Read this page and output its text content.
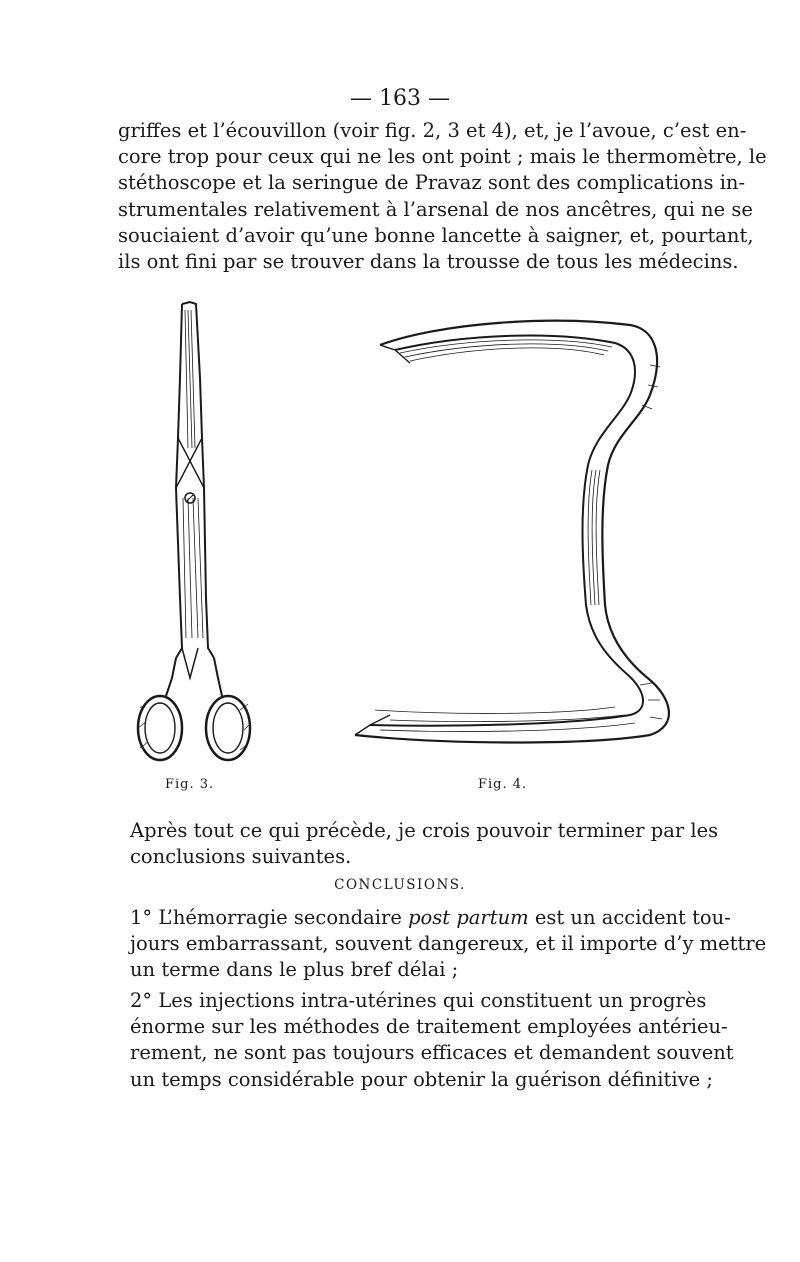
— 163 —
griffes et l’écouvillon (voir fig. 2, 3 et 4), et, je l’avoue, c’est en-
core trop pour ceux qui ne les ont point ; mais le thermomètre, le
stéthoscope et la seringue de Pravaz sont des complications in-
strumentales relativement à l’arsenal de nos ancêtres, qui ne se
souciaient d’avoir qu’une bonne lancette à saigner, et, pourtant,
ils ont fini par se trouver dans la trousse de tous les médecins.
Fig. 3.	Fig. 4.
Après tout ce qui précède, je crois pouvoir terminer par les
conclusions suivantes.
CONCLUSIONS.
1° L’hémorragie secondaire post partum est un accident tou-
jours embarrassant, souvent dangereux, et il importe d’y mettre
un terme dans le plus bref délai ;
2° Les injections intra-utérines qui constituent un progrès
énorme sur les méthodes de traitement employées antérieu-
rement, ne sont pas toujours efficaces et demandent souvent
un temps considérable pour obtenir la guérison définitive ;
